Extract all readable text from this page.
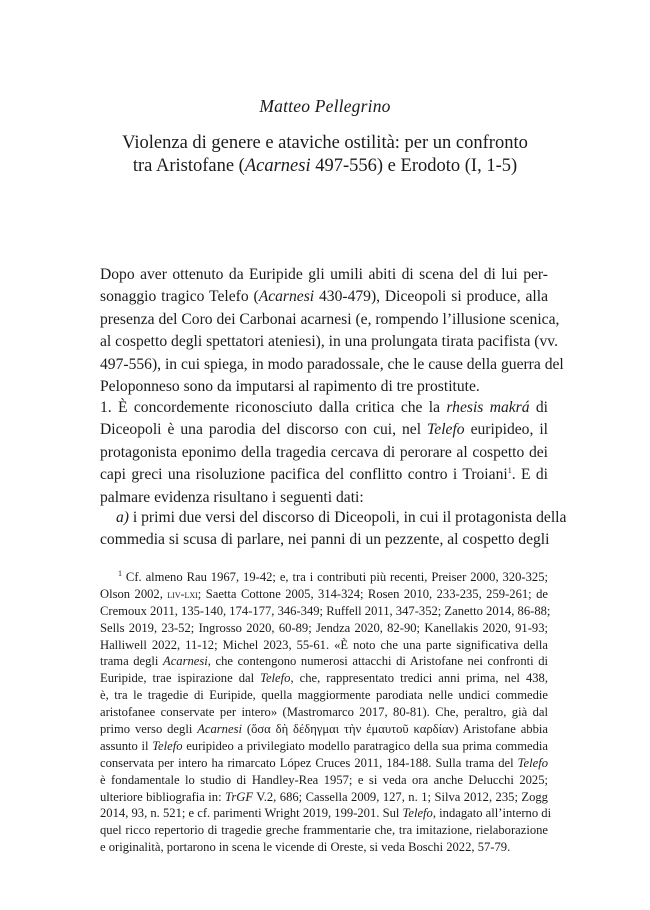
Matteo Pellegrino
Violenza di genere e ataviche ostilità: per un confronto
tra Aristofane (Acarnesi 497-556) e Erodoto (I, 1-5)
Dopo aver ottenuto da Euripide gli umili abiti di scena del di lui per-
sonaggio tragico Telefo (Acarnesi 430-479), Diceopoli si produce, alla
presenza del Coro dei Carbonai acarnesi (e, rompendo l’illusione scenica,
al cospetto degli spettatori ateniesi), in una prolungata tirata pacifista (vv.
497-556), in cui spiega, in modo paradossale, che le cause della guerra del
Peloponneso sono da imputarsi al rapimento di tre prostitute.
1. È concordemente riconosciuto dalla critica che la rhesis makrá di
Diceopoli è una parodia del discorso con cui, nel Telefo euripideo, il
protagonista eponimo della tragedia cercava di perorare al cospetto dei
capi greci una risoluzione pacifica del conflitto contro i Troiani$^1$. E di
palmare evidenza risultano i seguenti dati:
a) i primi due versi del discorso di Diceopoli, in cui il protagonista della
commedia si scusa di parlare, nei panni di un pezzente, al cospetto degli
$^1$ Cf. almeno Rau 1967, 19-42; e, tra i contributi più recenti, Preiser 2000, 320-325;
Olson 2002, liv-lxi; Saetta Cottone 2005, 314-324; Rosen 2010, 233-235, 259-261; de
Cremoux 2011, 135-140, 174-177, 346-349; Ruffell 2011, 347-352; Zanetto 2014, 86-88;
Sells 2019, 23-52; Ingrosso 2020, 60-89; Jendza 2020, 82-90; Kanellakis 2020, 91-93;
Halliwell 2022, 11-12; Michel 2023, 55-61. «È noto che una parte significativa della
trama degli Acarnesi, che contengono numerosi attacchi di Aristofane nei confronti di
Euripide, trae ispirazione dal Telefo, che, rappresentato tredici anni prima, nel 438,
è, tra le tragedie di Euripide, quella maggiormente parodiata nelle undici commedie
aristofanee conservate per intero» (Mastromarco 2017, 80-81). Che, peraltro, già dal
primo verso degli Acarnesi (ὅσα δὴ δέδηγμαι τὴν ἐμαυτοῦ καρδίαν) Aristofane abbia
assunto il Telefo euripideo a privilegiato modello paratragico della sua prima commedia
conservata per intero ha rimarcato López Cruces 2011, 184-188. Sulla trama del Telefo
è fondamentale lo studio di Handley-Rea 1957; e si veda ora anche Delucchi 2025;
ulteriore bibliografia in: TrGF V.2, 686; Cassella 2009, 127, n. 1; Silva 2012, 235; Zogg
2014, 93, n. 521; e cf. parimenti Wright 2019, 199-201. Sul Telefo, indagato all’interno di
quel ricco repertorio di tragedie greche frammentarie che, tra imitazione, rielaborazione
e originalità, portarono in scena le vicende di Oreste, si veda Boschi 2022, 57-79.
